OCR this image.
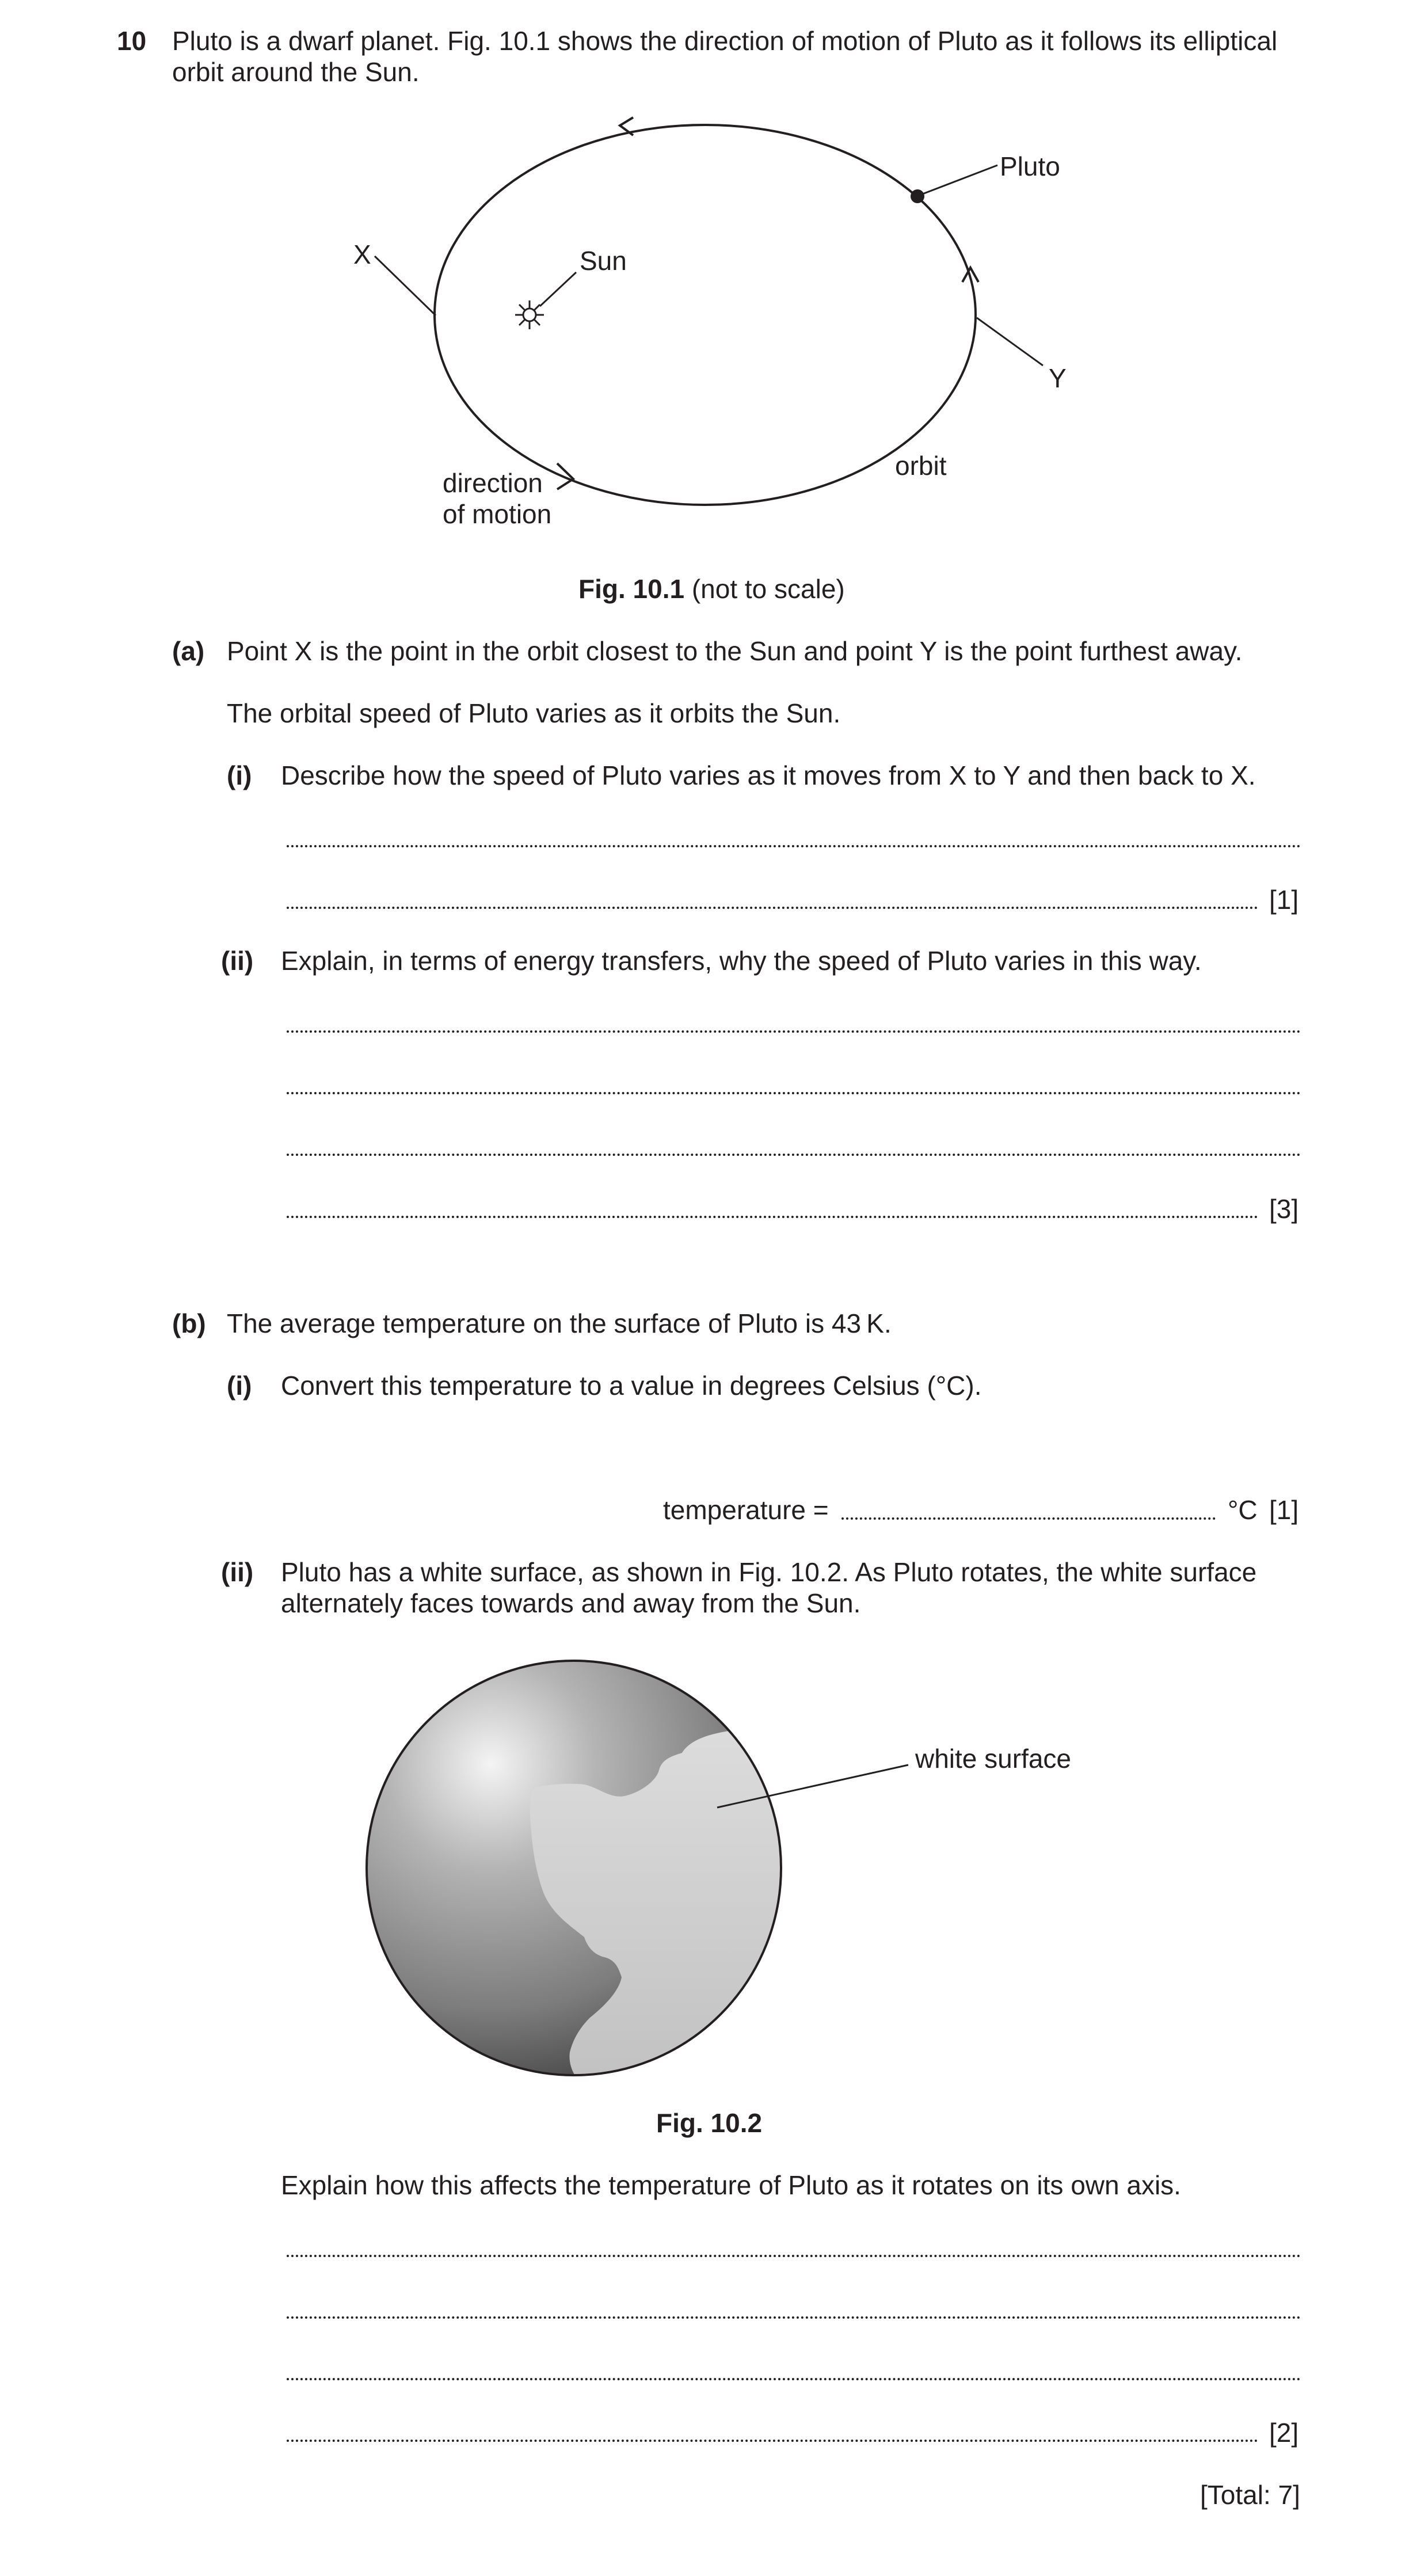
10 Pluto is a dwarf planet. Fig. 10.1 shows the direction of motion of Pluto as it follows its elliptical
orbit around the Sun.
Pluto
Sun
X
Y
direction
of motion
orbit
Fig. 10.1 (not to scale)
(a) Point X is the point in the orbit closest to the Sun and point Y is the point furthest away.
The orbital speed of Pluto varies as it orbits the Sun.
(i) Describe how the speed of Pluto varies as it moves from X to Y and then back to X.
[1]
(ii) Explain, in terms of energy transfers, why the speed of Pluto varies in this way.
[3]
(b) The average temperature on the surface of Pluto is 43 K.
(i) Convert this temperature to a value in degrees Celsius (°C).
temperature =	°C [1]
(ii) Pluto has a white surface, as shown in Fig. 10.2. As Pluto rotates, the white surface
alternately faces towards and away from the Sun.
white surface
Fig. 10.2
Explain how this affects the temperature of Pluto as it rotates on its own axis.
[2]
[Total: 7]
